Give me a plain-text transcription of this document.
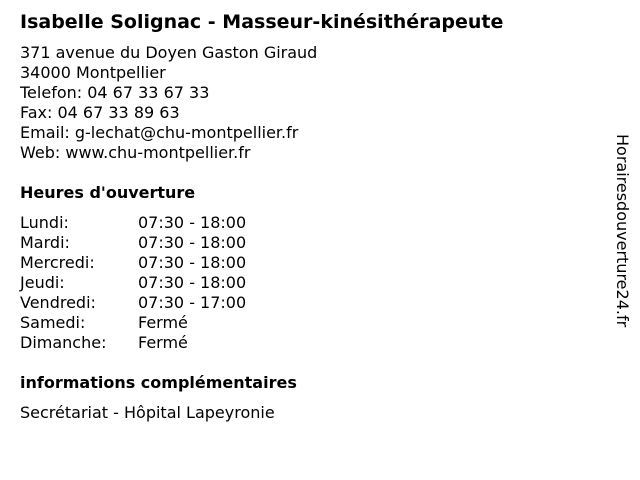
Isabelle Solignac - Masseur-kinésithérapeute
371 avenue du Doyen Gaston Giraud
34000 Montpellier
Telefon: 04 67 33 67 33
Fax: 04 67 33 89 63
Email: g-lechat@chu-montpellier.fr
Web: www.chu-montpellier.fr
Heures d'ouverture
Lundi:	07:30 - 18:00
Mardi:	07:30 - 18:00
Mercredi:	07:30 - 18:00
Jeudi:	07:30 - 18:00
Vendredi:	07:30 - 17:00
Samedi:	Fermé
Dimanche: Fermé
informations complémentaires
Secrétariat - Hôpital Lapeyronie
Horairesdouverture24.fr
